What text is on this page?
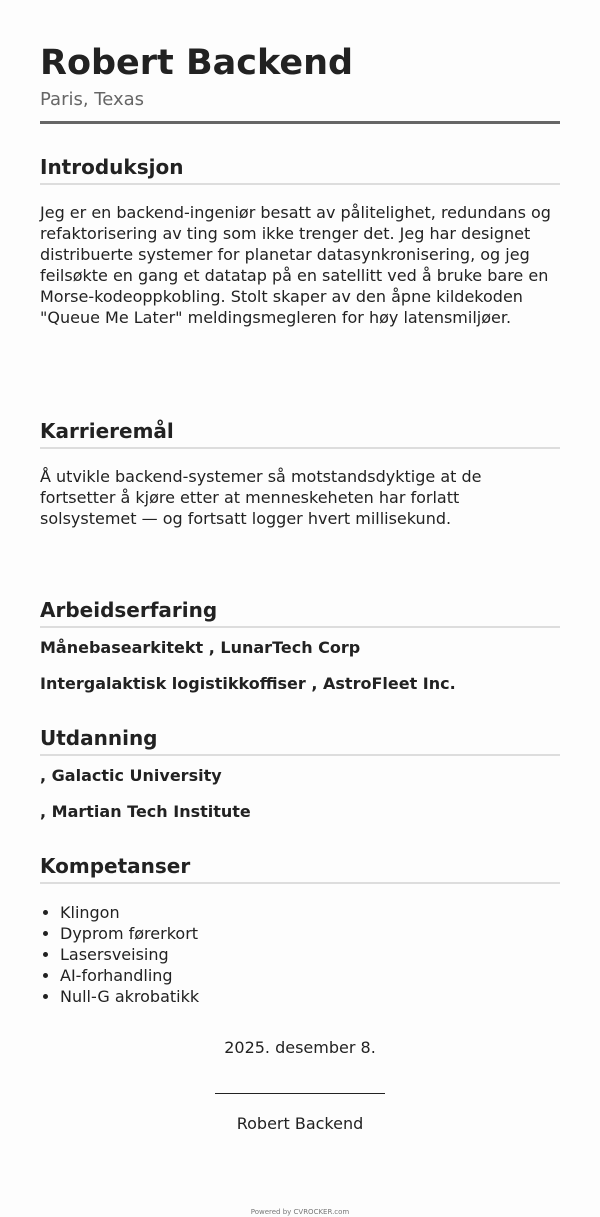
Robert Backend
Paris, Texas
Introduksjon

Jeg er en backend-ingeniør besatt av pålitelighet, redundans og refaktorisering av ting som ikke trenger det. Jeg har designet distribuerte systemer for planetar datasynkronisering, og jeg feilsøkte en gang et datatap på en satellitt ved å bruke bare en Morse-kodeoppkobling. Stolt skaper av den åpne kildekoden "Queue Me Later" meldingsmegleren for høy latensmiljøer.

Karrieremål

Å utvikle backend-systemer så motstandsdyktige at de fortsetter å kjøre etter at menneskeheten har forlatt solsystemet — og fortsatt logger hvert millisekund.

Arbeidserfaring
Månebasearkitekt , LunarTech Corp
Intergalaktisk logistikkoffiser , AstroFleet Inc.
Utdanning
, Galactic University
, Martian Tech Institute
Kompetanser
• Klingon
• Dyprom førerkort
• Lasersveising
• AI-forhandling
• Null-G akrobatikk
2025. desember 8.
Robert Backend
Powered by CVROCKER.com
